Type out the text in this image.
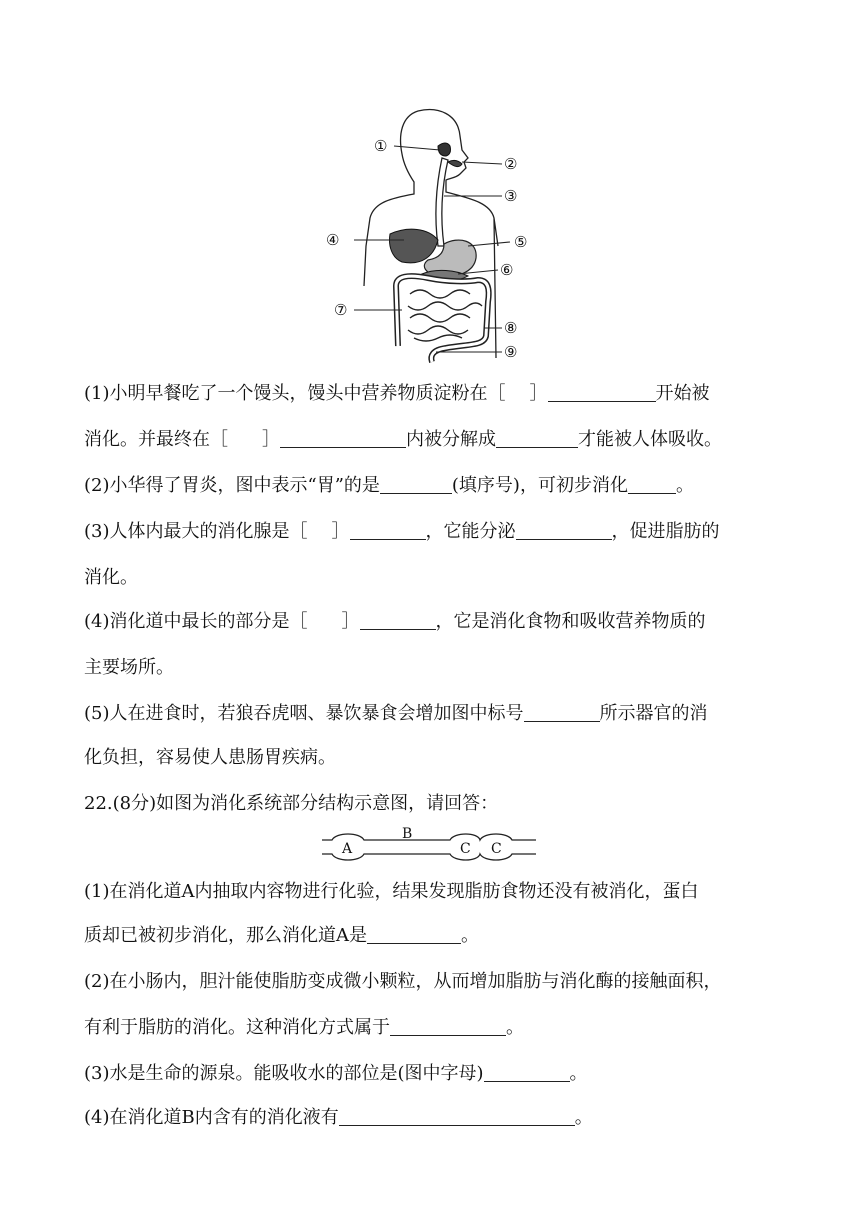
①
②
③
④	⑤
⑥
⑦
⑧
⑨
(1)小明早餐吃了一个馒头，馒头中营养物质淀粉在［ ］	开始被
消化。并最终在［ ］	内被分解成	才能被人体吸收。
(2)小华得了胃炎，图中表示“胃”的是	(填序号)，可初步消化	。
(3)人体内最大的消化腺是［ ］	，它能分泌	，促进脂肪的
消化。
(4)消化道中最长的部分是［ ］	，它是消化食物和吸收营养物质的
主要场所。
(5)人在进食时，若狼吞虎咽、暴饮暴食会增加图中标号	所示器官的消
化负担，容易使人患肠胃疾病。
22.(8分)如图为消化系统部分结构示意图，请回答：
A
B
C C
(1)在消化道A内抽取内容物进行化验，结果发现脂肪食物还没有被消化，蛋白
质却已被初步消化，那么消化道A是	。
(2)在小肠内，胆汁能使脂肪变成微小颗粒，从而增加脂肪与消化酶的接触面积，
有利于脂肪的消化。这种消化方式属于	。
(3)水是生命的源泉。能吸收水的部位是(图中字母)	。
(4)在消化道B内含有的消化液有	。
